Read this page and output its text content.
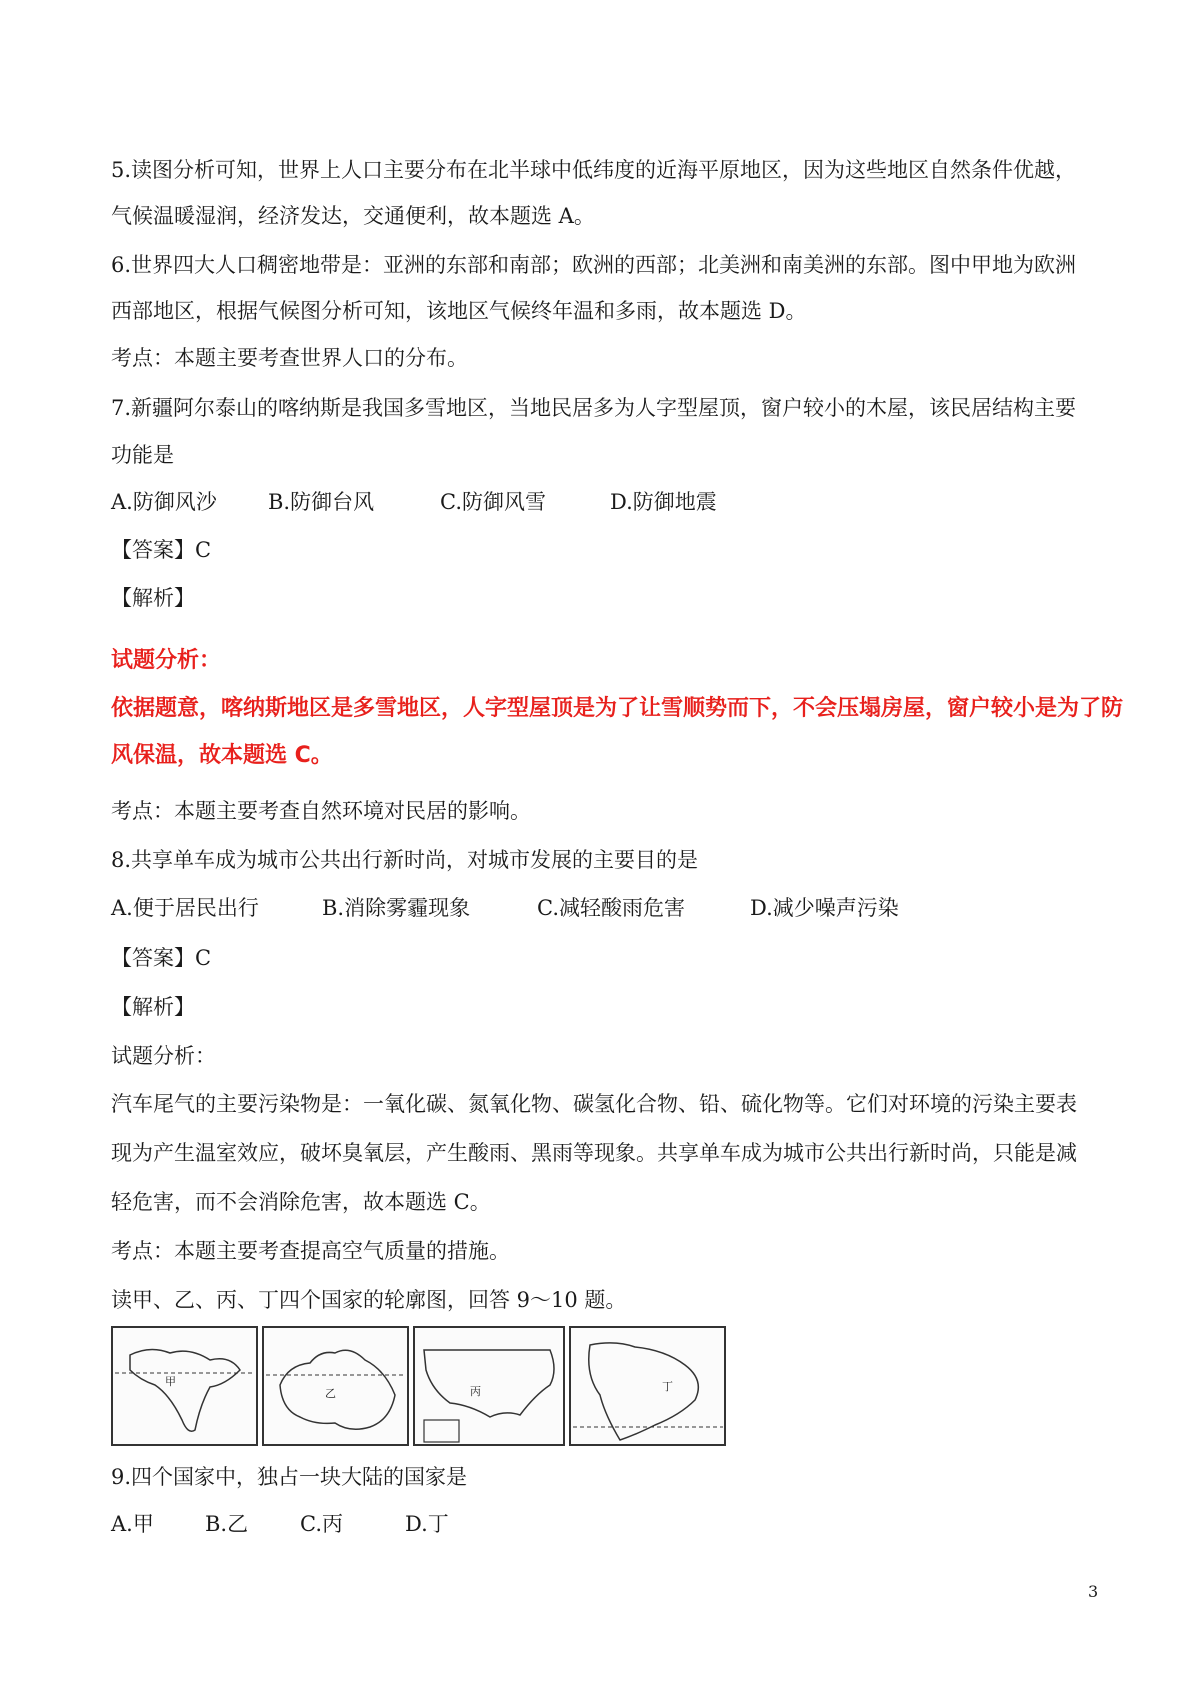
5.读图分析可知，世界上人口主要分布在北半球中低纬度的近海平原地区，因为这些地区自然条件优越，
气候温暖湿润，经济发达，交通便利，故本题选 A。
6.世界四大人口稠密地带是：亚洲的东部和南部；欧洲的西部；北美洲和南美洲的东部。图中甲地为欧洲
西部地区，根据气候图分析可知，该地区气候终年温和多雨，故本题选 D。
考点：本题主要考查世界人口的分布。
7.新疆阿尔泰山的喀纳斯是我国多雪地区，当地民居多为人字型屋顶，窗户较小的木屋，该民居结构主要
功能是
A.防御风沙 B.防御台风	C.防御风雪	D.防御地震
【答案】C
【解析】
试题分析：
依据题意，喀纳斯地区是多雪地区，人字型屋顶是为了让雪顺势而下，不会压塌房屋，窗户较小是为了防
风保温，故本题选 C。
考点：本题主要考查自然环境对民居的影响。
8.共享单车成为城市公共出行新时尚，对城市发展的主要目的是
A.便于居民出行	B.消除雾霾现象	C.减轻酸雨危害	D.减少噪声污染
【答案】C
【解析】
试题分析：
汽车尾气的主要污染物是：一氧化碳、氮氧化物、碳氢化合物、铅、硫化物等。它们对环境的污染主要表
现为产生温室效应，破坏臭氧层，产生酸雨、黑雨等现象。共享单车成为城市公共出行新时尚，只能是减
轻危害，而不会消除危害，故本题选 C。
考点：本题主要考查提高空气质量的措施。
读甲、乙、丙、丁四个国家的轮廓图，回答 9～10 题。
甲
乙	丙	丁
9.四个国家中，独占一块大陆的国家是
A.甲 B.乙 C.丙	D.丁
3
